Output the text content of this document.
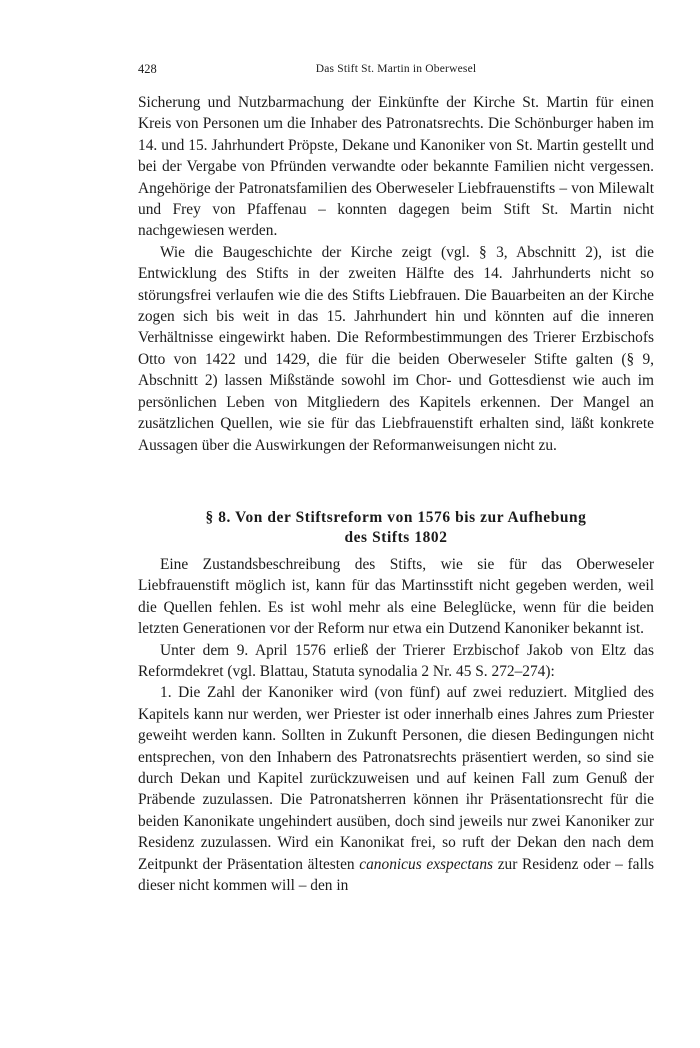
428	Das Stift St. Martin in Oberwesel

Sicherung und Nutzbarmachung der Einkünfte der Kirche St. Martin für einen Kreis von Personen um die Inhaber des Patronatsrechts. Die Schönburger haben im 14. und 15. Jahrhundert Pröpste, Dekane und Kanoniker von St. Martin gestellt und bei der Vergabe von Pfründen verwandte oder bekannte Familien nicht vergessen. Angehörige der Patronatsfamilien des Oberweseler Liebfrauenstifts – von Milewalt und Frey von Pfaffenau – konnten dagegen beim Stift St. Martin nicht nachgewiesen werden.

Wie die Baugeschichte der Kirche zeigt (vgl. § 3, Abschnitt 2), ist die Entwicklung des Stifts in der zweiten Hälfte des 14. Jahrhunderts nicht so störungsfrei verlaufen wie die des Stifts Liebfrauen. Die Bauarbeiten an der Kirche zogen sich bis weit in das 15. Jahrhundert hin und könnten auf die inneren Verhältnisse eingewirkt haben. Die Reformbestimmungen des Trierer Erzbischofs Otto von 1422 und 1429, die für die beiden Oberweseler Stifte galten (§ 9, Abschnitt 2) lassen Mißstände sowohl im Chor- und Gottesdienst wie auch im persönlichen Leben von Mitgliedern des Kapitels erkennen. Der Mangel an zusätzlichen Quellen, wie sie für das Liebfrauenstift erhalten sind, läßt konkrete Aussagen über die Auswirkungen der Reformanweisungen nicht zu.

§ 8. Von der Stiftsreform von 1576 bis zur Aufhebung
des Stifts 1802

Eine Zustandsbeschreibung des Stifts, wie sie für das Oberweseler Liebfrauenstift möglich ist, kann für das Martinsstift nicht gegeben werden, weil die Quellen fehlen. Es ist wohl mehr als eine Beleglücke, wenn für die beiden letzten Generationen vor der Reform nur etwa ein Dutzend Kanoniker bekannt ist.

Unter dem 9. April 1576 erließ der Trierer Erzbischof Jakob von Eltz das Reformdekret (vgl. Blattau, Statuta synodalia 2 Nr. 45 S. 272–274):

1. Die Zahl der Kanoniker wird (von fünf) auf zwei reduziert. Mitglied des Kapitels kann nur werden, wer Priester ist oder innerhalb eines Jahres zum Priester geweiht werden kann. Sollten in Zukunft Personen, die diesen Bedingungen nicht entsprechen, von den Inhabern des Patronatsrechts präsentiert werden, so sind sie durch Dekan und Kapitel zurückzuweisen und auf keinen Fall zum Genuß der Präbende zuzulassen. Die Patronatsherren können ihr Präsentationsrecht für die beiden Kanonikate ungehindert ausüben, doch sind jeweils nur zwei Kanoniker zur Residenz zuzulassen. Wird ein Kanonikat frei, so ruft der Dekan den nach dem Zeitpunkt der Präsentation ältesten canonicus exspectans zur Residenz oder – falls dieser nicht kommen will – den in
